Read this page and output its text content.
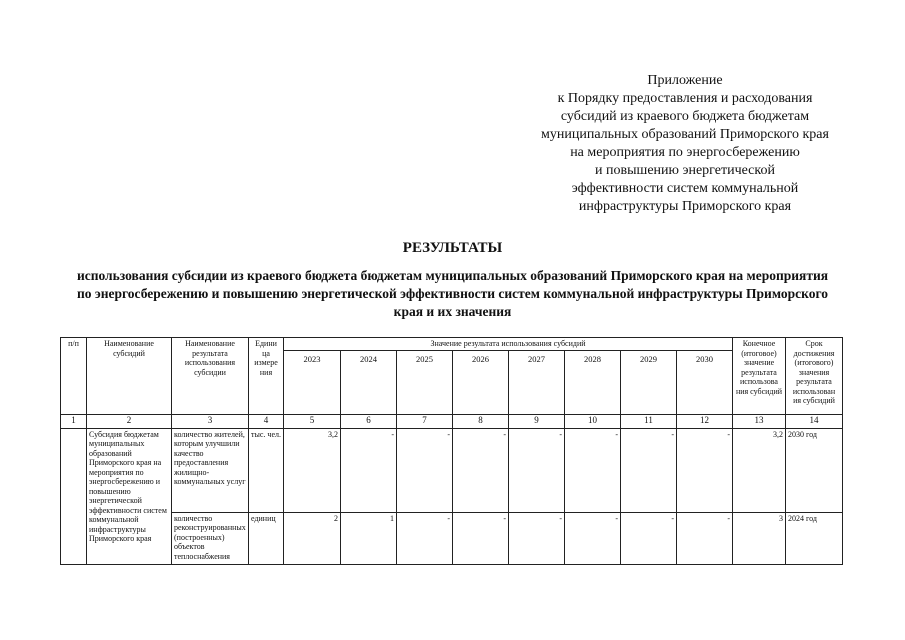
Приложение
к Порядку предоставления и расходования
субсидий из краевого бюджета бюджетам
муниципальных образований Приморского края
на мероприятия по энергосбережению
и повышению энергетической
эффективности систем коммунальной
инфраструктуры Приморского края
РЕЗУЛЬТАТЫ
использования субсидии из краевого бюджета бюджетам муниципальных образований Приморского края на мероприятия по энергосбережению и повышению энергетической эффективности систем коммунальной инфраструктуры Приморского края и их значения
п/п	Наименование субсидий	Наименование результата использования субсидии	Едини ца измере ния	Значение результата использования субсидий								Конечное (итоговое) значение результата использова ния субсидий	Срок достижения (итогового) значения результата использован ия субсидий
				2023	2024	2025	2026	2027	2028	2029	2030		
1	2	3	4	5	6	7	8	9	10	11	12	13	14
	Субсидия бюджетам муниципальных образований Приморского края на мероприятия по энергосбережению и повышению энергетической эффективности систем коммунальной инфраструктуры Приморского края	количество жителей, которым улучшили качество предоставления жилищно-коммунальных услуг	тыс. чел.	3,2	-	-	-	-	-	-	-	3,2	2030 год
		количество реконструированных (построенных) объектов теплоснабжения	единиц	2	1	-	-	-	-	-	-	3	2024 год
